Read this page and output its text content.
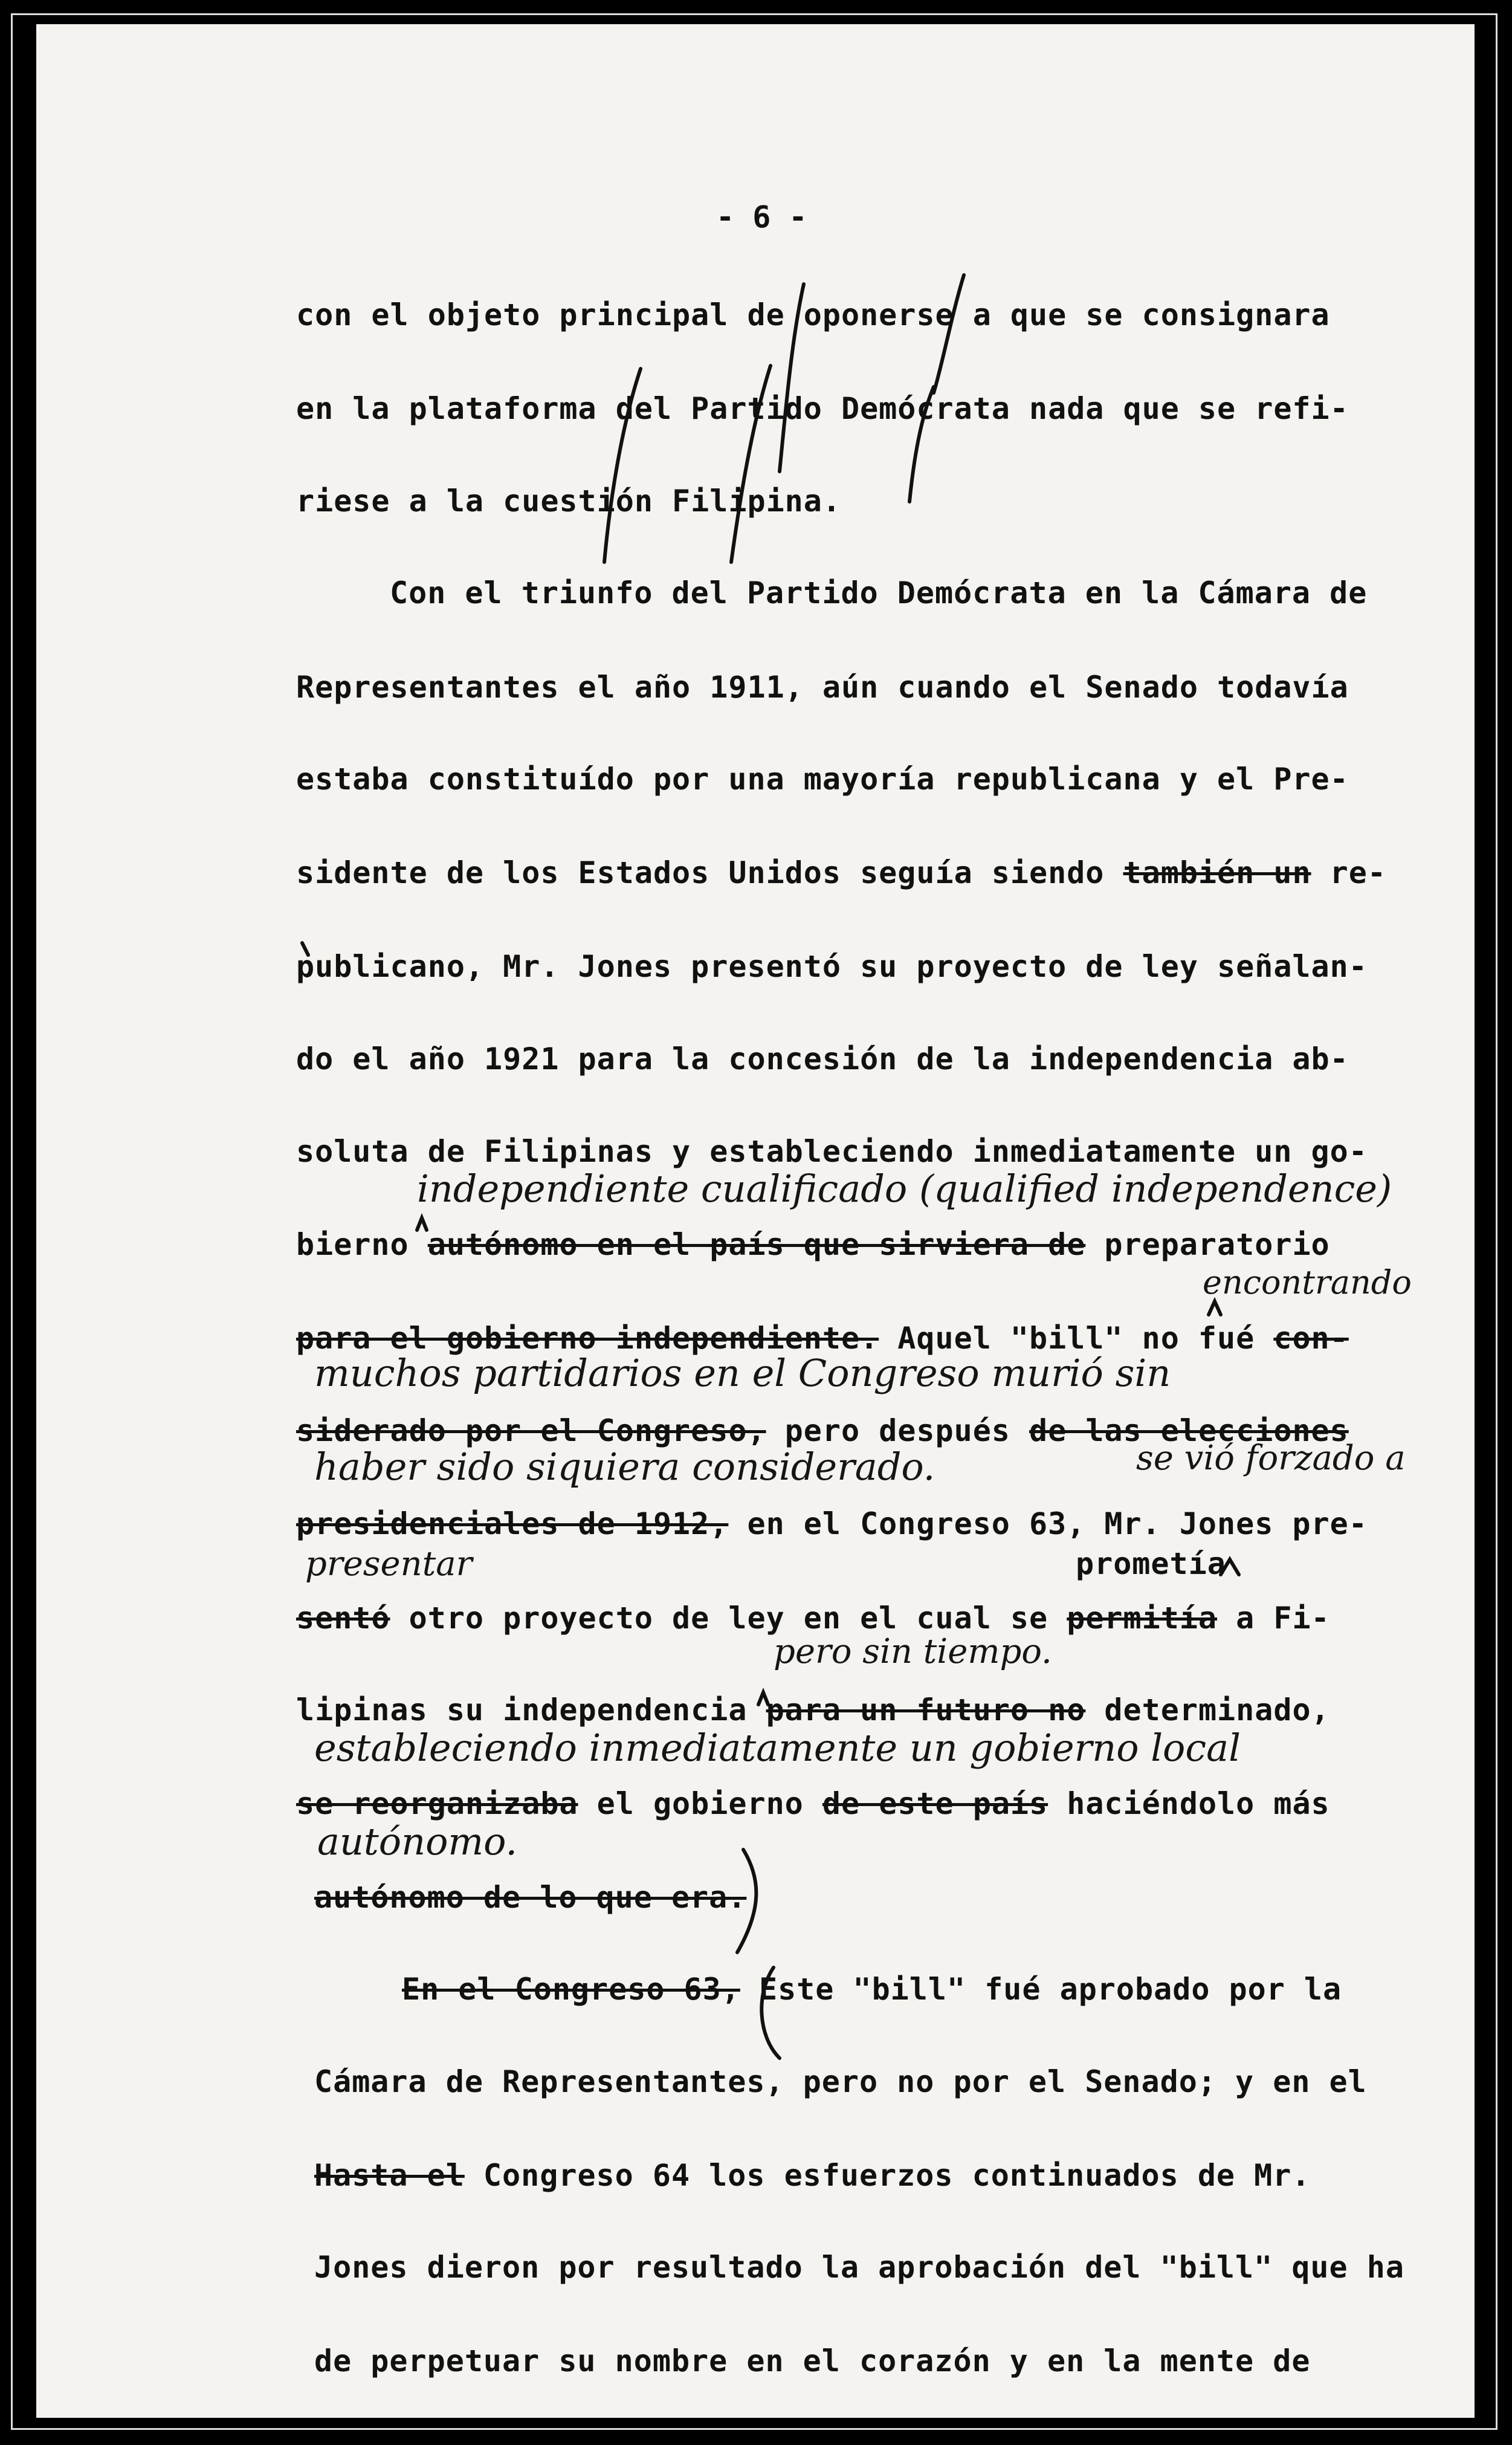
- 6 -
con el objeto principal de oponerse a que se consignara
en la plataforma del Partido Demócrata nada que se refi-
riese a la cuestión Filipina.
Con el triunfo del Partido Demócrata en la Cámara de
Representantes el año 1911, aún cuando el Senado todavía
estaba constituído por una mayoría republicana y el Pre-
sidente de los Estados Unidos seguía siendo también un re-
publicano, Mr. Jones presentó su proyecto de ley señalan-
do el año 1921 para la concesión de la independencia ab-
soluta de Filipinas y estableciendo inmediatamente un go-
bierno autónomo en el país que sirviera de preparatorio
para el gobierno independiente. Aquel "bill" no fué con-
siderado por el Congreso, pero después de las elecciones
presidenciales de 1912, en el Congreso 63, Mr. Jones pre-
sentó otro proyecto de ley en el cual se permitía a Fi-
lipinas su independencia para un futuro no determinado,
se reorganizaba el gobierno de este país haciéndolo más
autónomo de lo que era.
En el Congreso 63, Este "bill" fué aprobado por la
Cámara de Representantes, pero no por el Senado; y en el
Hasta el Congreso 64 los esfuerzos continuados de Mr.
Jones dieron por resultado la aprobación del "bill" que ha
de perpetuar su nombre en el corazón y en la mente de
independiente cualificado (qualified independence)
encontrando
muchos partidarios en el Congreso murió sin
haber sido siquiera considerado.	se vió forzado a
presentar	prometía
pero sin tiempo.
estableciendo inmediatamente un gobierno local
autónomo.
